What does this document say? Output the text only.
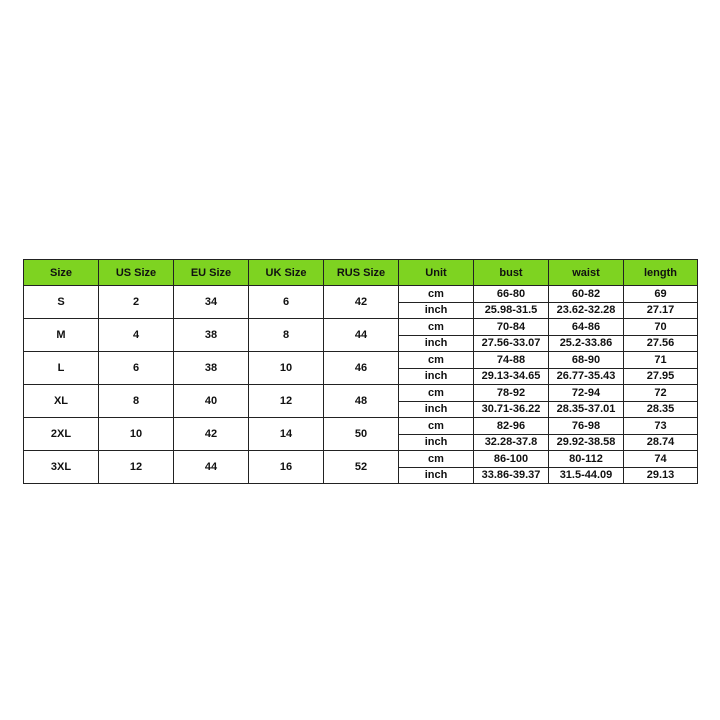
Size	US Size	EU Size	UK Size	RUS Size	Unit	bust	waist	length
S	2	34	6	42	cm	66-80	60-82	69
					inch	25.98-31.5	23.62-32.28	27.17
M	4	38	8	44	cm	70-84	64-86	70
					inch	27.56-33.07	25.2-33.86	27.56
L	6	38	10	46	cm	74-88	68-90	71
					inch	29.13-34.65	26.77-35.43	27.95
XL	8	40	12	48	cm	78-92	72-94	72
					inch	30.71-36.22	28.35-37.01	28.35
2XL	10	42	14	50	cm	82-96	76-98	73
					inch	32.28-37.8	29.92-38.58	28.74
3XL	12	44	16	52	cm	86-100	80-112	74
					inch	33.86-39.37	31.5-44.09	29.13
